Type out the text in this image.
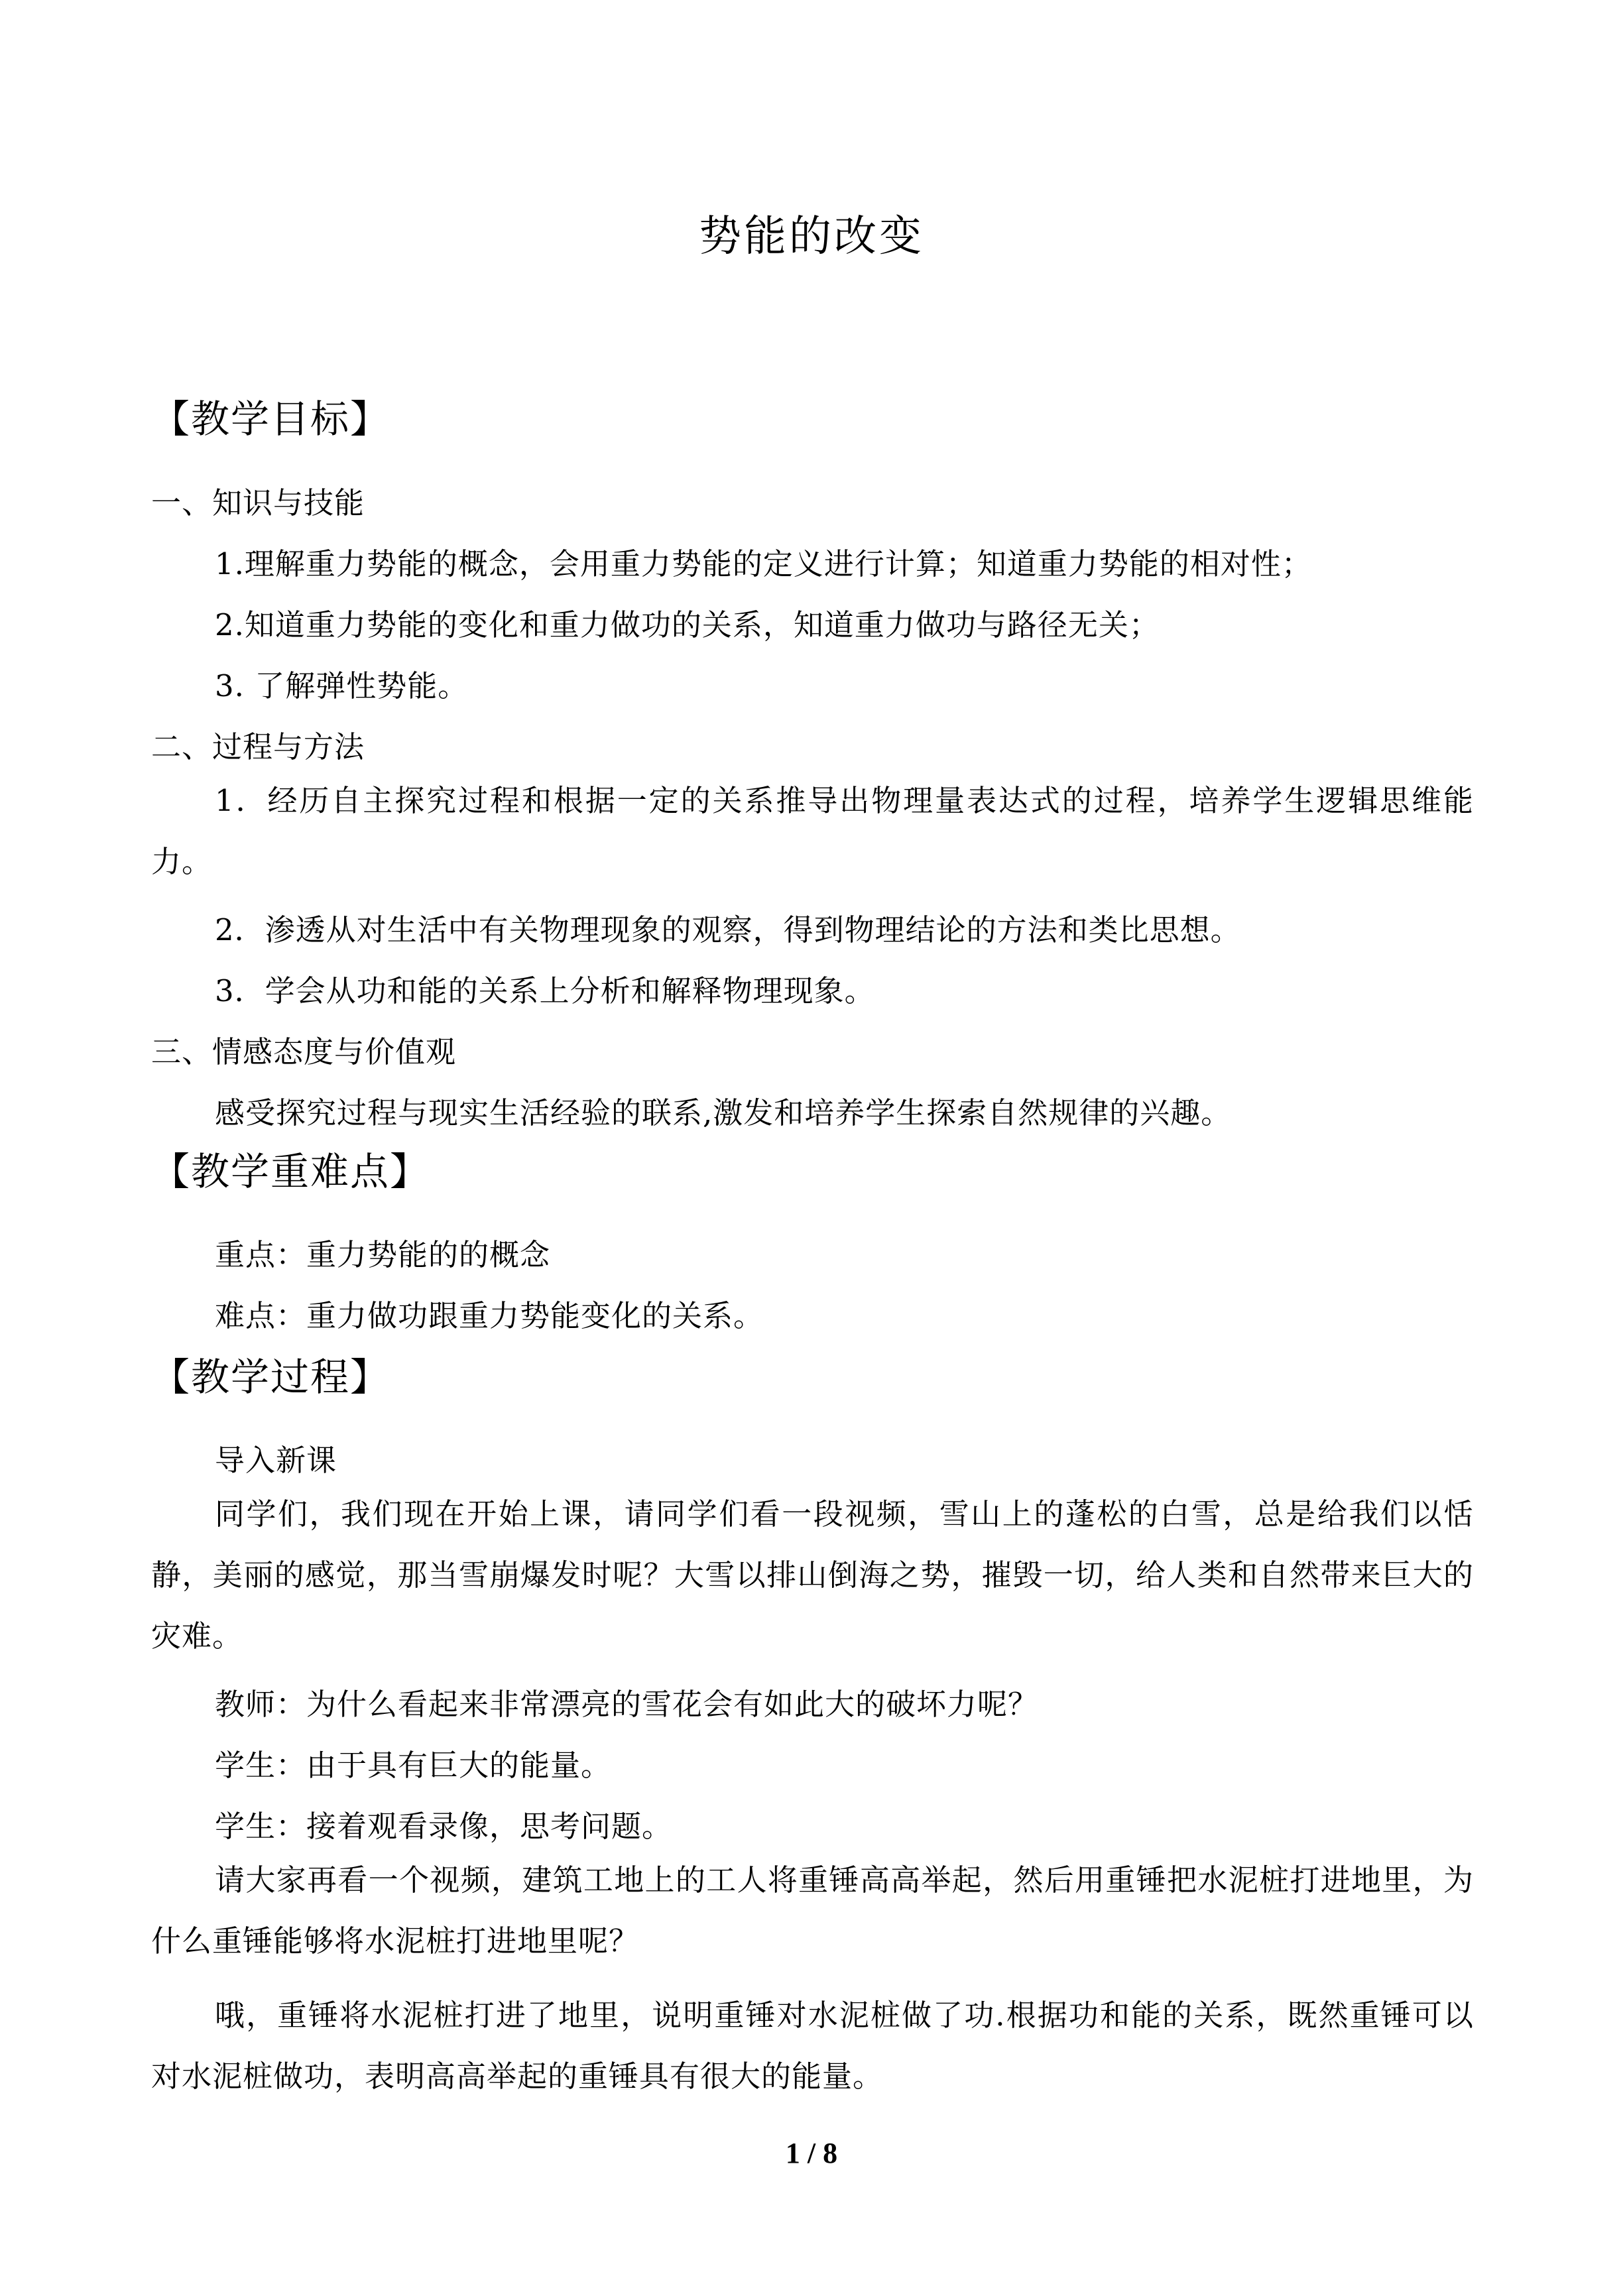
势能的改变
【教学目标】
一、知识与技能
1.理解重力势能的概念，会用重力势能的定义进行计算；知道重力势能的相对性；
2.知道重力势能的变化和重力做功的关系，知道重力做功与路径无关；
3. 了解弹性势能。
二、过程与方法
1．经历自主探究过程和根据一定的关系推导出物理量表达式的过程，培养学生逻辑思维能力。
2．渗透从对生活中有关物理现象的观察，得到物理结论的方法和类比思想。
3．学会从功和能的关系上分析和解释物理现象。
三、情感态度与价值观
感受探究过程与现实生活经验的联系,激发和培养学生探索自然规律的兴趣。
【教学重难点】
重点：重力势能的的概念
难点：重力做功跟重力势能变化的关系。
【教学过程】
导入新课
同学们，我们现在开始上课，请同学们看一段视频，雪山上的蓬松的白雪，总是给我们以恬静，美丽的感觉，那当雪崩爆发时呢？大雪以排山倒海之势，摧毁一切，给人类和自然带来巨大的灾难。
教师：为什么看起来非常漂亮的雪花会有如此大的破坏力呢？
学生：由于具有巨大的能量。
学生：接着观看录像，思考问题。
请大家再看一个视频，建筑工地上的工人将重锤高高举起，然后用重锤把水泥桩打进地里，为什么重锤能够将水泥桩打进地里呢？
哦，重锤将水泥桩打进了地里，说明重锤对水泥桩做了功.根据功和能的关系，既然重锤可以对水泥桩做功，表明高高举起的重锤具有很大的能量。
1 / 8
